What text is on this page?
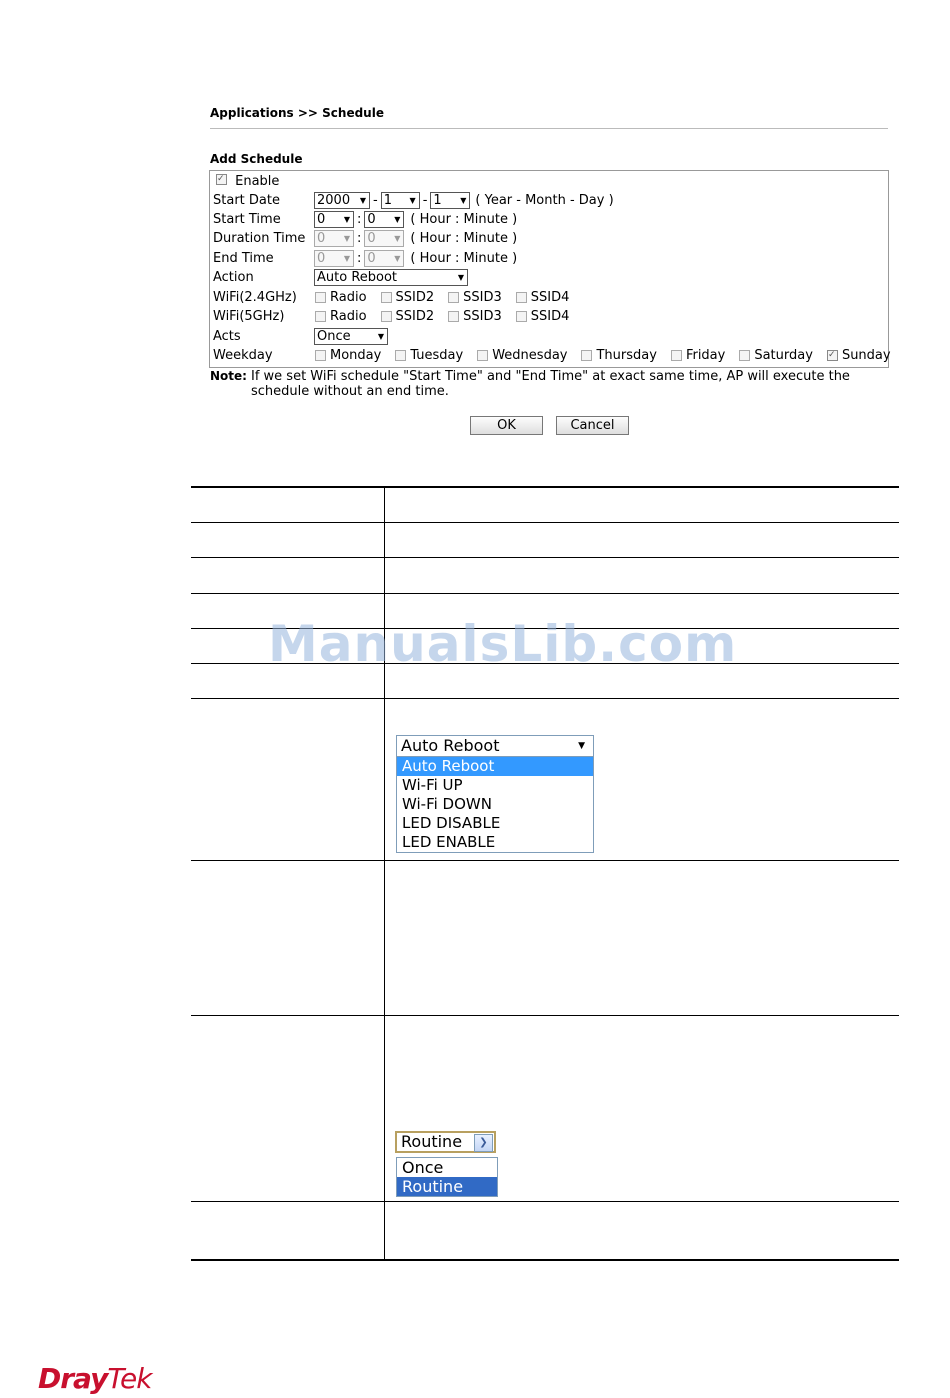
Applications >> Schedule
Add Schedule
✓ Enable
Start Date	2000 ▼ - 1 ▼ - 1 ▼ ( Year - Month - Day )
Start Time	0 ▼ : 0 ▼ ( Hour : Minute )
Duration Time 0 ▼ : 0 ▼ ( Hour : Minute )
End Time	0 ▼ : 0 ▼ ( Hour : Minute )
Action	Auto Reboot	▼
WiFi(2.4GHz)	Radio SSID2 SSID3 SSID4
WiFi(5GHz)	Radio SSID2 SSID3 SSID4
Acts	Once	▼
Weekday	Monday Tuesday Wednesday Thursday Friday Saturday
✓ Sunday
Note: If we set WiFi schedule "Start Time" and "End Time" at exact same time, AP will execute the schedule without an end time.
OK	Cancel
Auto Reboot	▼
Auto Reboot
Wi-Fi UP
Wi-Fi DOWN
LED DISABLE
LED ENABLE
Routine	❯
Once
Routine
ManualsLib.com
DrayTek
